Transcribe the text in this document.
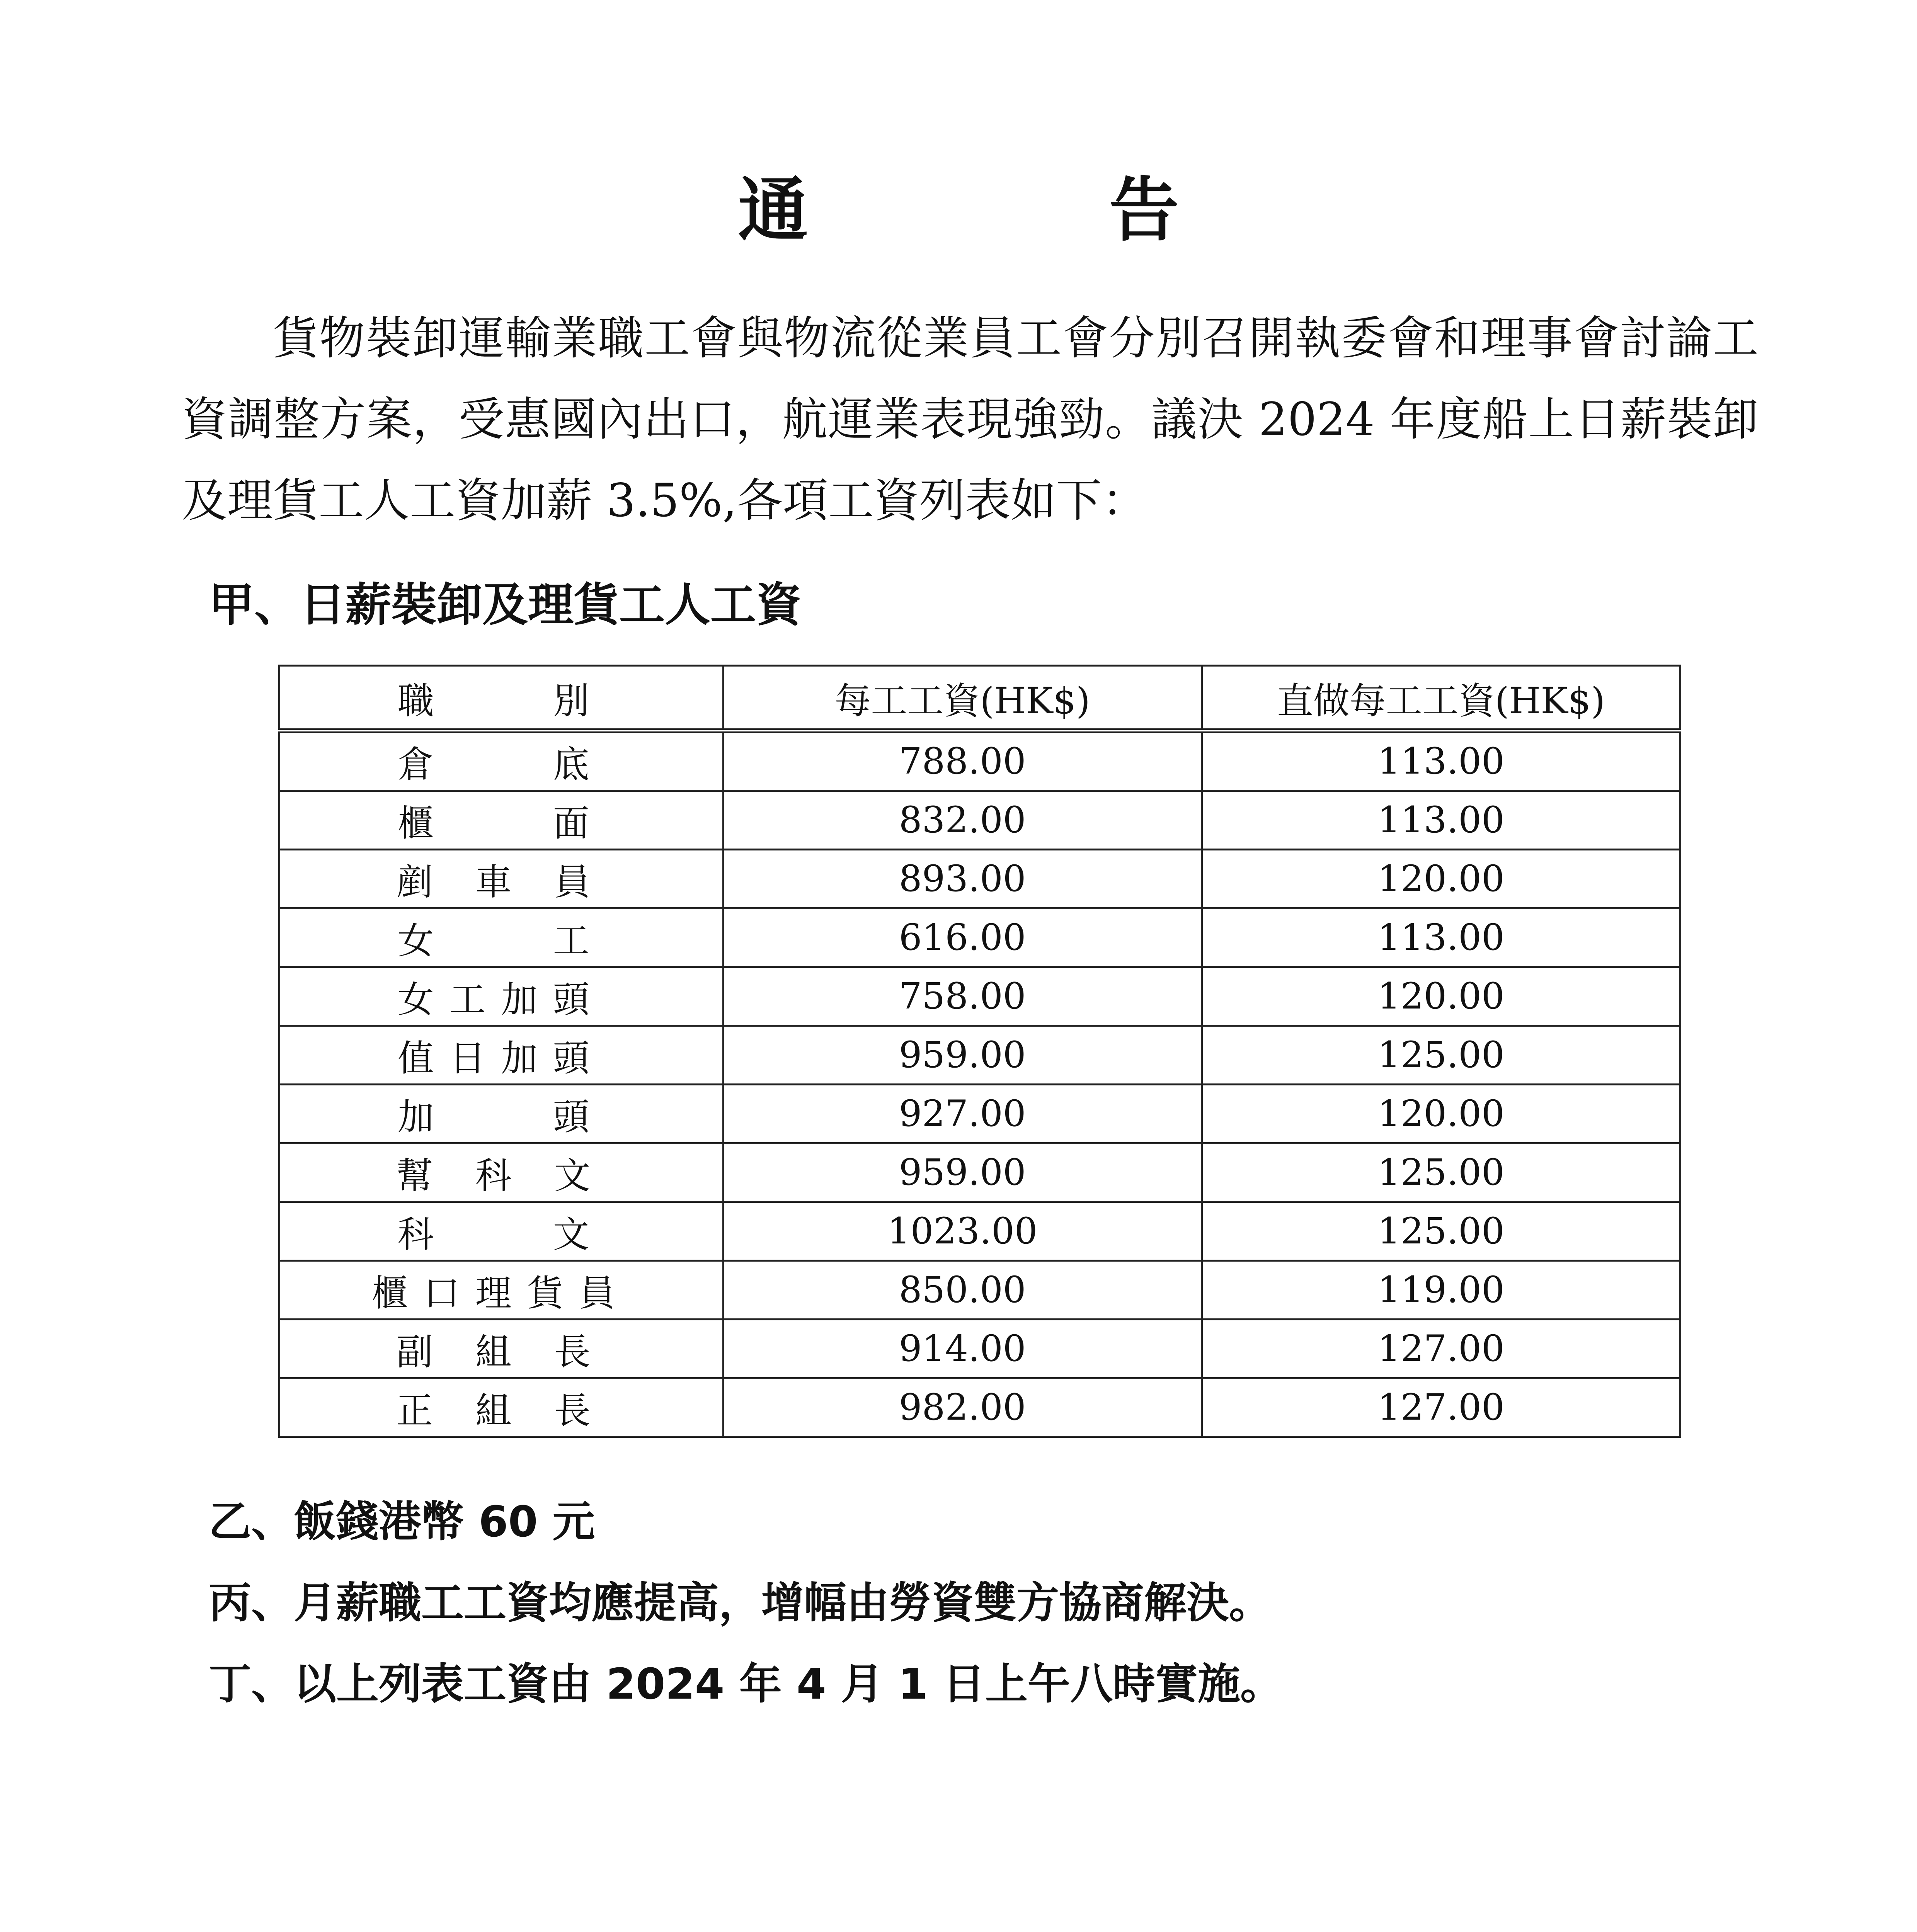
通　告
貨物裝卸運輸業職工會與物流從業員工會分別召開執委會和理事會討論工資調整方案，受惠國內出口，航運業表現強勁。議決 2024 年度船上日薪裝卸及理貨工人工資加薪 3.5%,各項工資列表如下：
甲、日薪裝卸及理貨工人工資
職　　別	每工工資(HK$)	直做每工工資(HK$)
倉　　底	788.00	113.00
櫃　　面	832.00	113.00
剷 車 員	893.00	120.00
女　　工	616.00	113.00
女工加頭	758.00	120.00
值日加頭	959.00	125.00
加　　頭	927.00	120.00
幫 科 文	959.00	125.00
科　　文	1023.00	125.00
櫃口理貨員	850.00	119.00
副 組 長	914.00	127.00
正 組 長	982.00	127.00
乙、飯錢港幣 60 元
丙、月薪職工工資均應提高，增幅由勞資雙方協商解決。
丁、以上列表工資由 2024 年 4 月 1 日上午八時實施。
